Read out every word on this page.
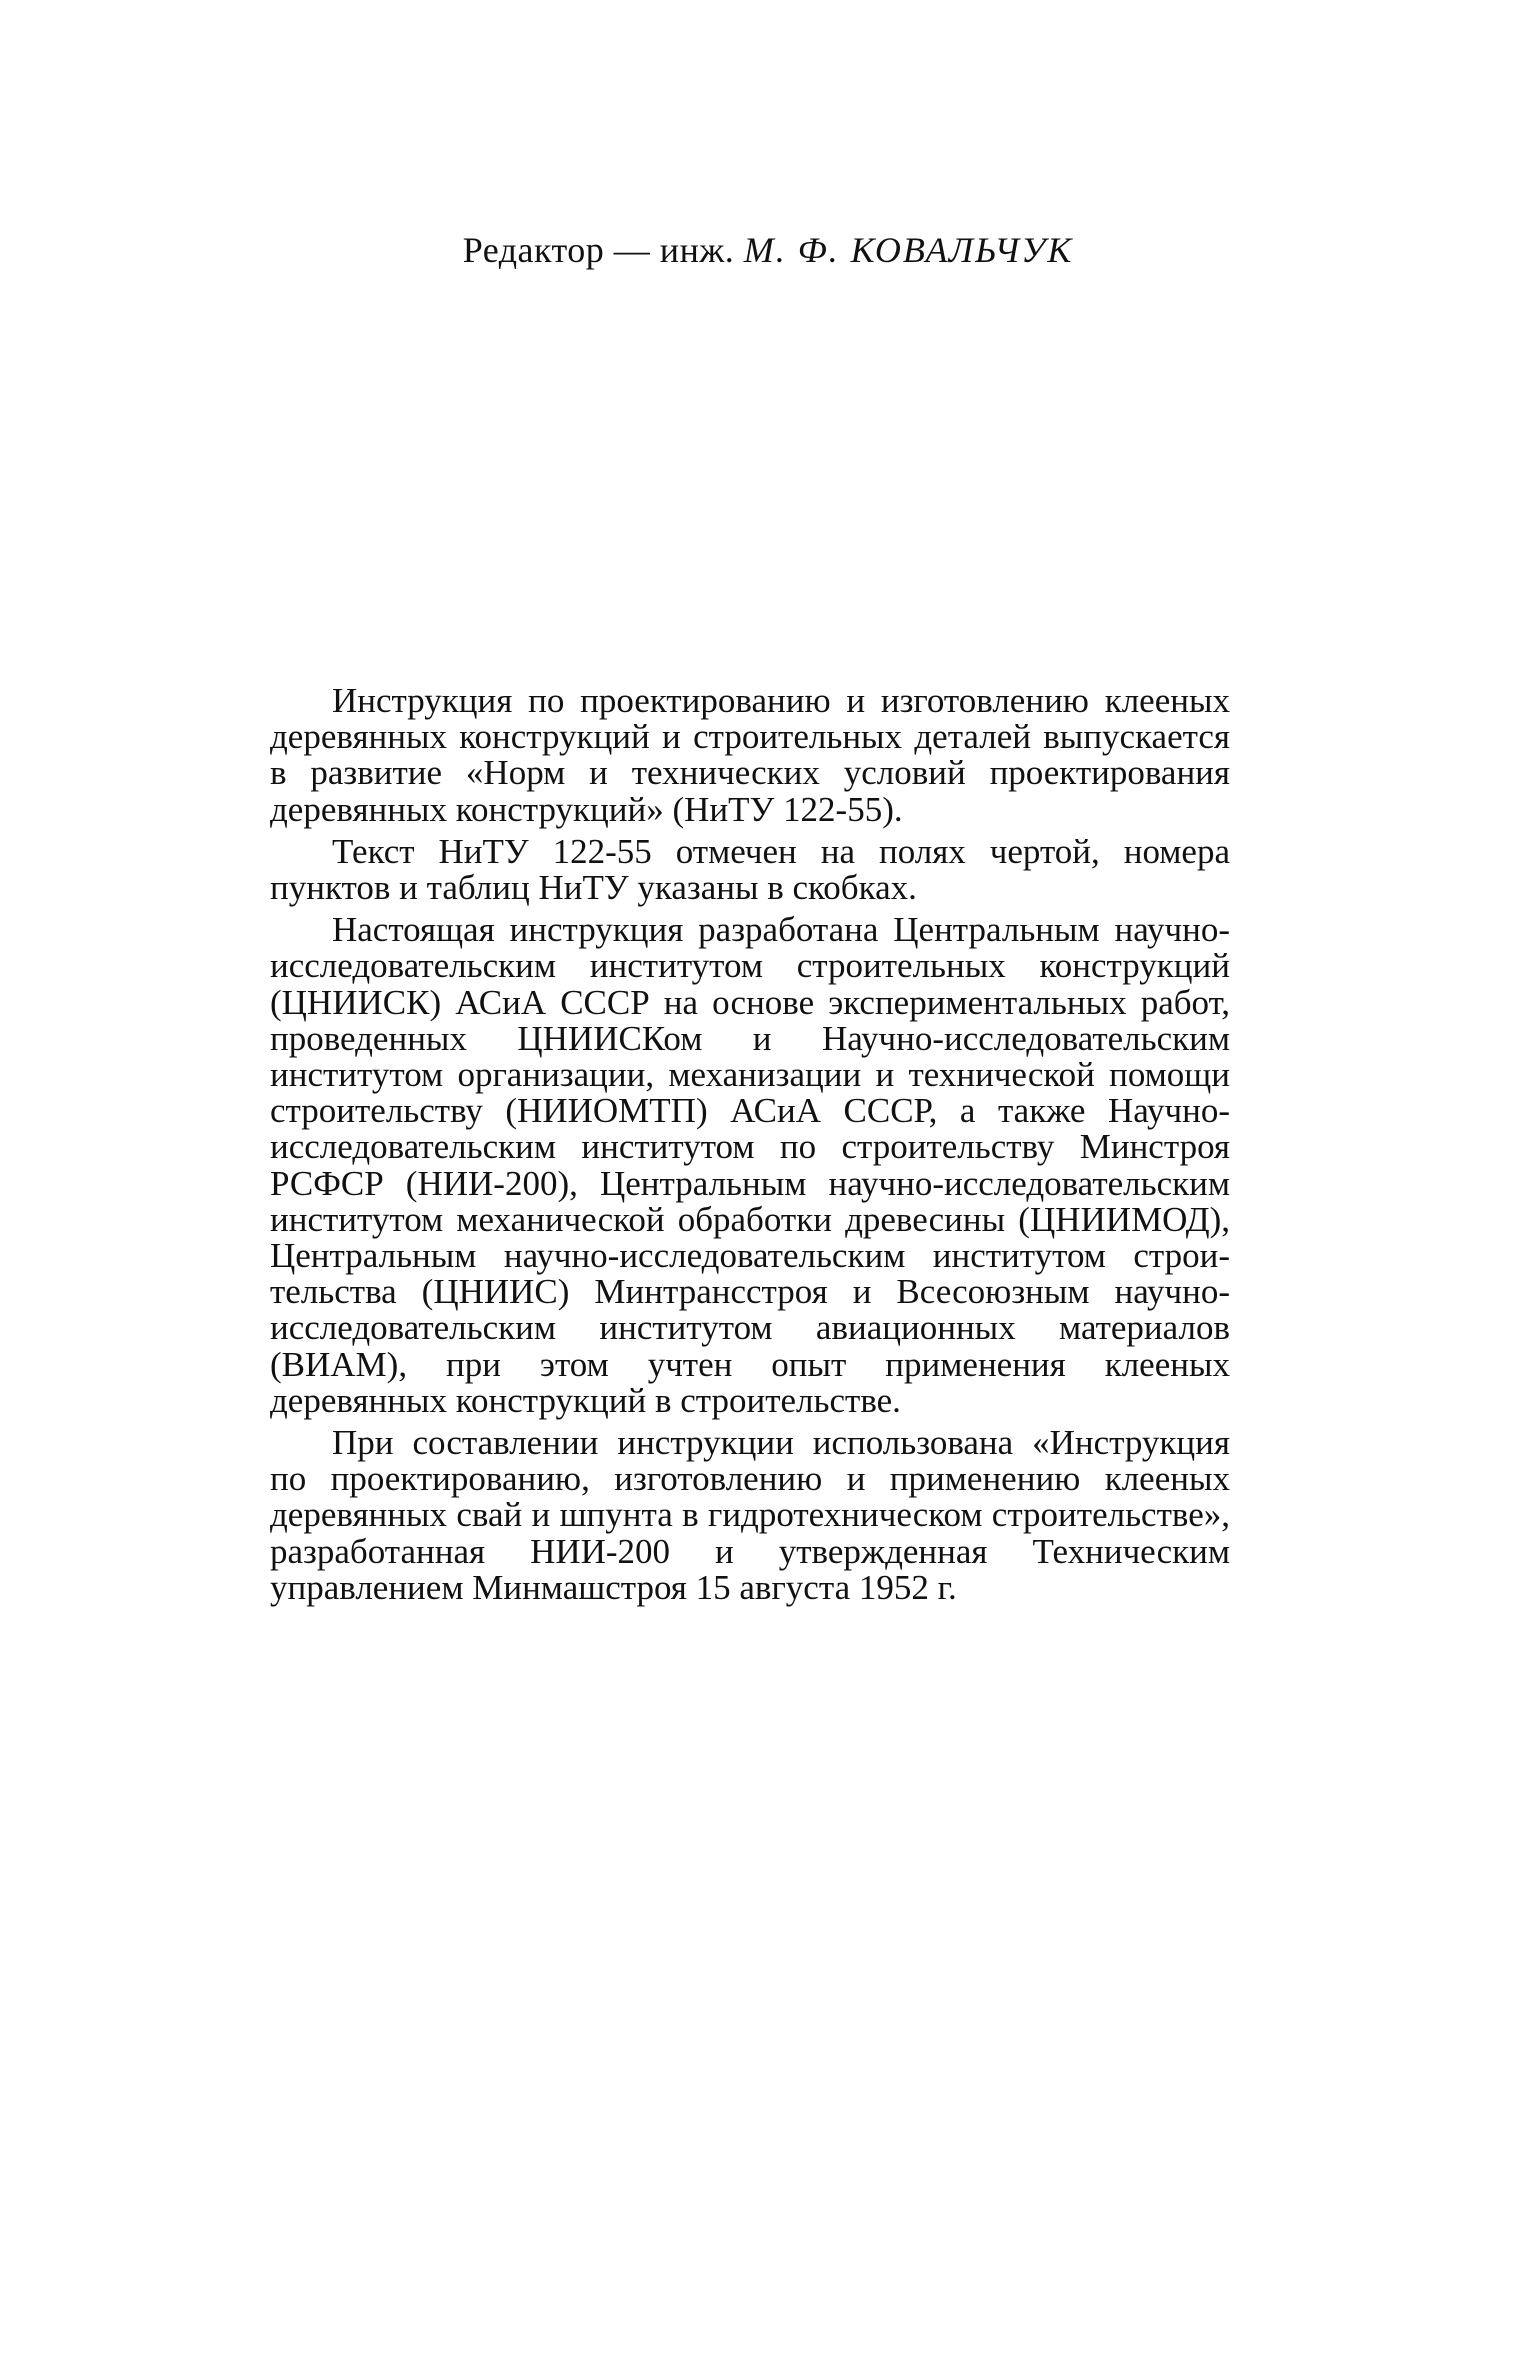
Редактор — инж. М. Ф. КОВАЛЬЧУК

Инструкция по проектированию и изготовлению клееных деревянных конструкций и строительных деталей выпускается в развитие «Норм и технических условий проектирования деревянных конструкций» (НиТУ 122-55).

Текст НиТУ 122-55 отмечен на полях чертой, номера пунктов и таблиц НиТУ указаны в скобках.

Настоящая инструкция разработана Центральным научно-исследовательским институтом строительных конструкций (ЦНИИСК) АСиА СССР на основе экспериментальных работ, проведенных ЦНИИСКом и Научно-исследовательским институтом организации, механизации и технической помощи строительству (НИИОМТП) АСиА СССР, а также Научно-исследовательским институтом по строительству Минстроя РСФСР (НИИ-200), Центральным научно-исследовательским институтом механической обработки древесины (ЦНИИМОД), Центральным научно-исследовательским институтом строительства (ЦНИИС) Минтрансстроя и Всесоюзным научно-исследовательским институтом авиационных материалов (ВИАМ), при этом учтен опыт применения клееных деревянных конструкций в строительстве.

При составлении инструкции использована «Инструкция по проектированию, изготовлению и применению клееных деревянных свай и шпунта в гидротехническом строительстве», разработанная НИИ-200 и утвержденная Техническим управлением Минмашстроя 15 августа 1952 г.
